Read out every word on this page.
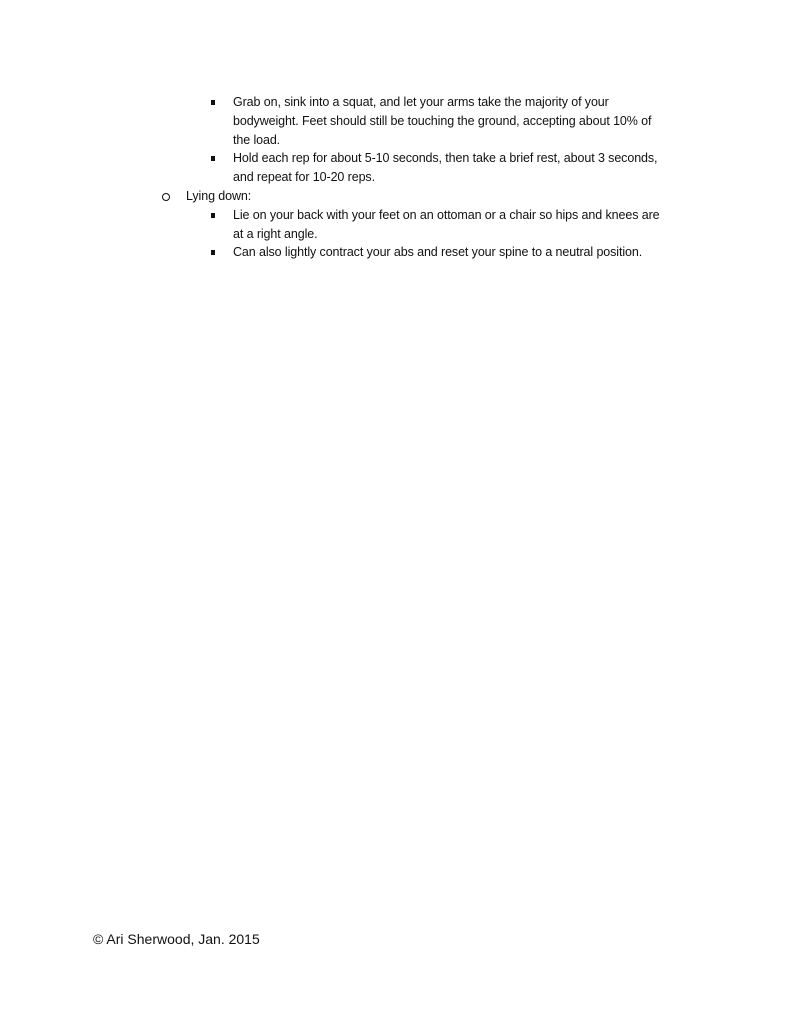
Grab on, sink into a squat, and let your arms take the majority of your
bodyweight. Feet should still be touching the ground, accepting about 10% of
the load.
Hold each rep for about 5-10 seconds, then take a brief rest, about 3 seconds,
and repeat for 10-20 reps.
Lying down:
Lie on your back with your feet on an ottoman or a chair so hips and knees are
at a right angle.
Can also lightly contract your abs and reset your spine to a neutral position.
© Ari Sherwood, Jan. 2015
